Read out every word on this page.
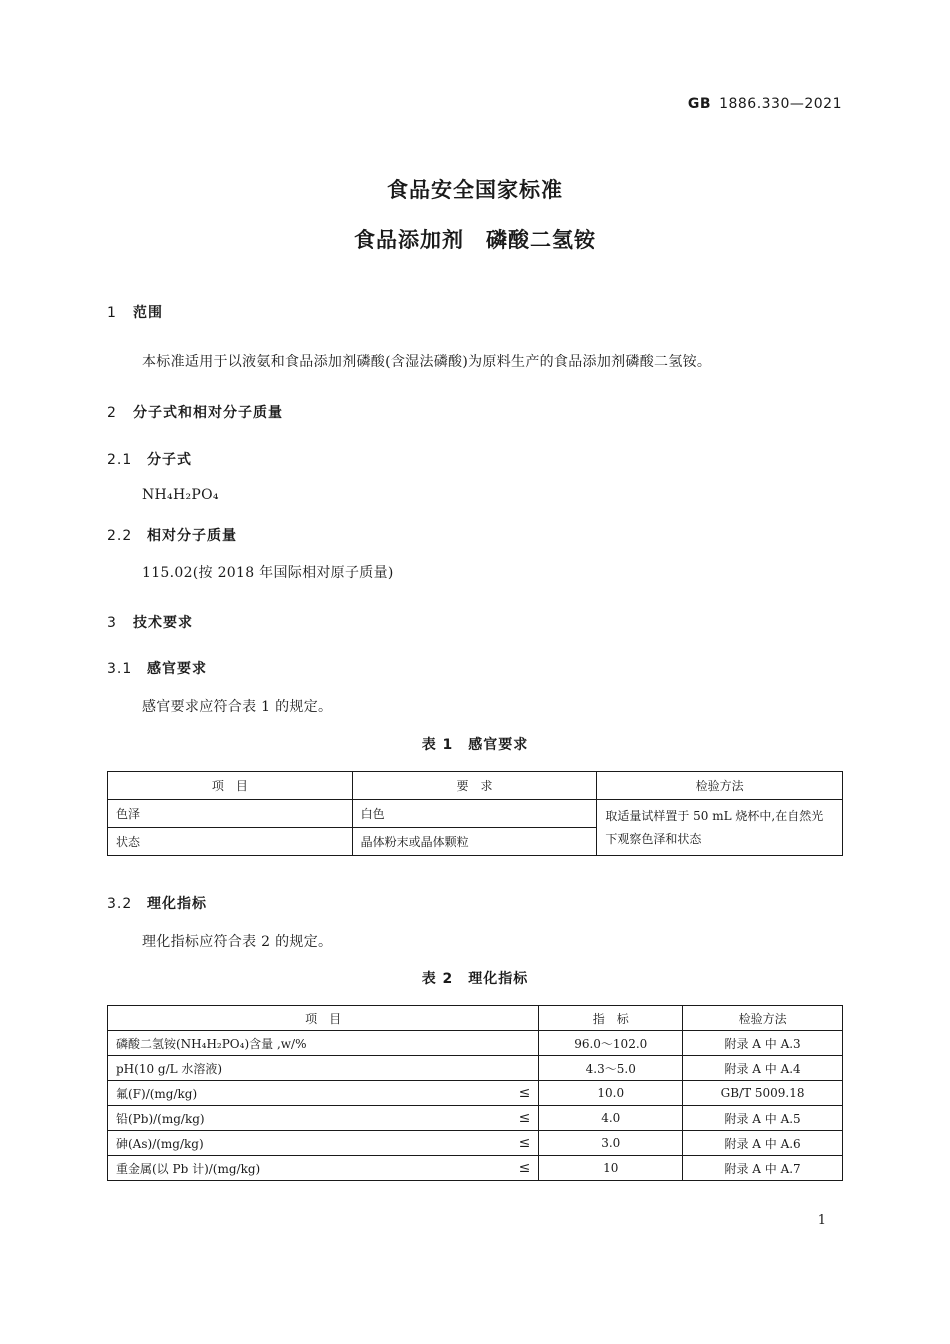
GB 1886.330—2021
食品安全国家标准
食品添加剂　磷酸二氢铵
1 范围
本标准适用于以液氨和食品添加剂磷酸(含湿法磷酸)为原料生产的食品添加剂磷酸二氢铵。
2 分子式和相对分子质量
2.1 分子式
NH₄H₂PO₄
2.2 相对分子质量
115.02(按 2018 年国际相对原子质量)
3 技术要求
3.1 感官要求
感官要求应符合表 1 的规定。
表 1　感官要求
项　目	要　求	检验方法
色泽	白色	取适量试样置于 50 mL 烧杯中,在自然光下观察色泽和状态
状态	晶体粉末或晶体颗粒	
3.2 理化指标
理化指标应符合表 2 的规定。
表 2　理化指标
项　目	指　标	检验方法
磷酸二氢铵(NH₄H₂PO₄)含量 ,w/%	96.0～102.0	附录 A 中 A.3
pH(10 g/L 水溶液)	4.3～5.0	附录 A 中 A.4
氟(F)/(mg/kg) ≤	10.0	GB/T 5009.18
铅(Pb)/(mg/kg) ≤	4.0	附录 A 中 A.5
砷(As)/(mg/kg) ≤	3.0	附录 A 中 A.6
重金属(以 Pb 计)/(mg/kg) ≤	10	附录 A 中 A.7
1
